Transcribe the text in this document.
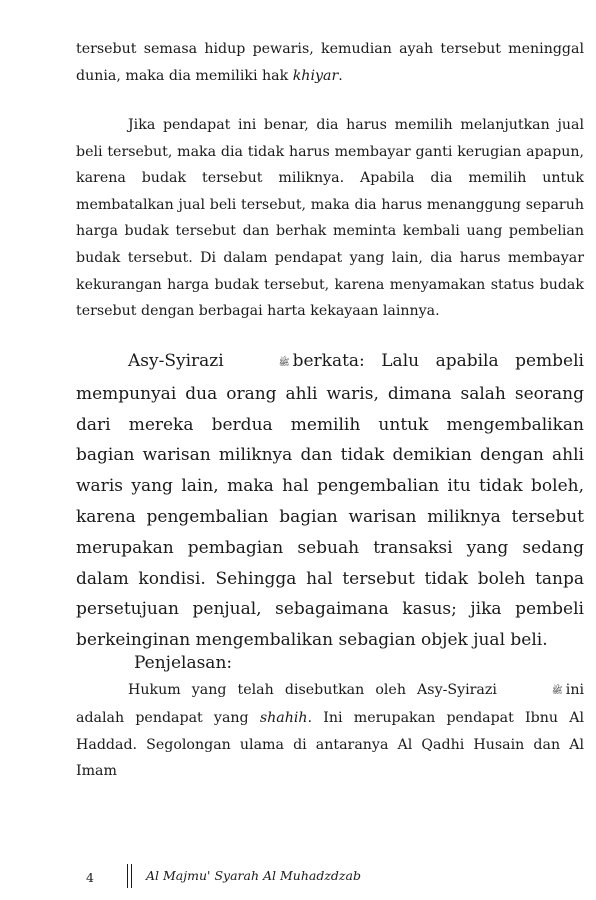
tersebut semasa hidup pewaris, kemudian ayah tersebut meninggal dunia, maka dia memiliki hak khiyar.

Jika pendapat ini benar, dia harus memilih melanjutkan jual beli tersebut, maka dia tidak harus membayar ganti kerugian apapun, karena budak tersebut miliknya. Apabila dia memilih untuk membatalkan jual beli tersebut, maka dia harus menanggung separuh harga budak tersebut dan berhak meminta kembali uang pembelian budak tersebut. Di dalam pendapat yang lain, dia harus membayar kekurangan harga budak tersebut, karena menyamakan status budak tersebut dengan berbagai harta kekayaan lainnya.

Asy-Syirazi	ﷺ berkata: Lalu apabila pembeli mempunyai dua orang ahli waris, dimana salah seorang dari mereka berdua memilih untuk mengembalikan bagian warisan miliknya dan tidak demikian dengan ahli waris yang lain, maka hal pengembalian itu tidak boleh, karena pengembalian bagian warisan miliknya tersebut merupakan pembagian sebuah transaksi yang sedang dalam kondisi. Sehingga hal tersebut tidak boleh tanpa persetujuan penjual, sebagaimana kasus; jika pembeli berkeinginan mengembalikan sebagian objek jual beli.

Penjelasan:

Hukum yang telah disebutkan oleh Asy-Syirazi	ﷺ ini adalah pendapat yang shahih. Ini merupakan pendapat Ibnu Al Haddad. Segolongan ulama di antaranya Al Qadhi Husain dan Al Imam

4	Al Majmu' Syarah Al Muhadzdzab
